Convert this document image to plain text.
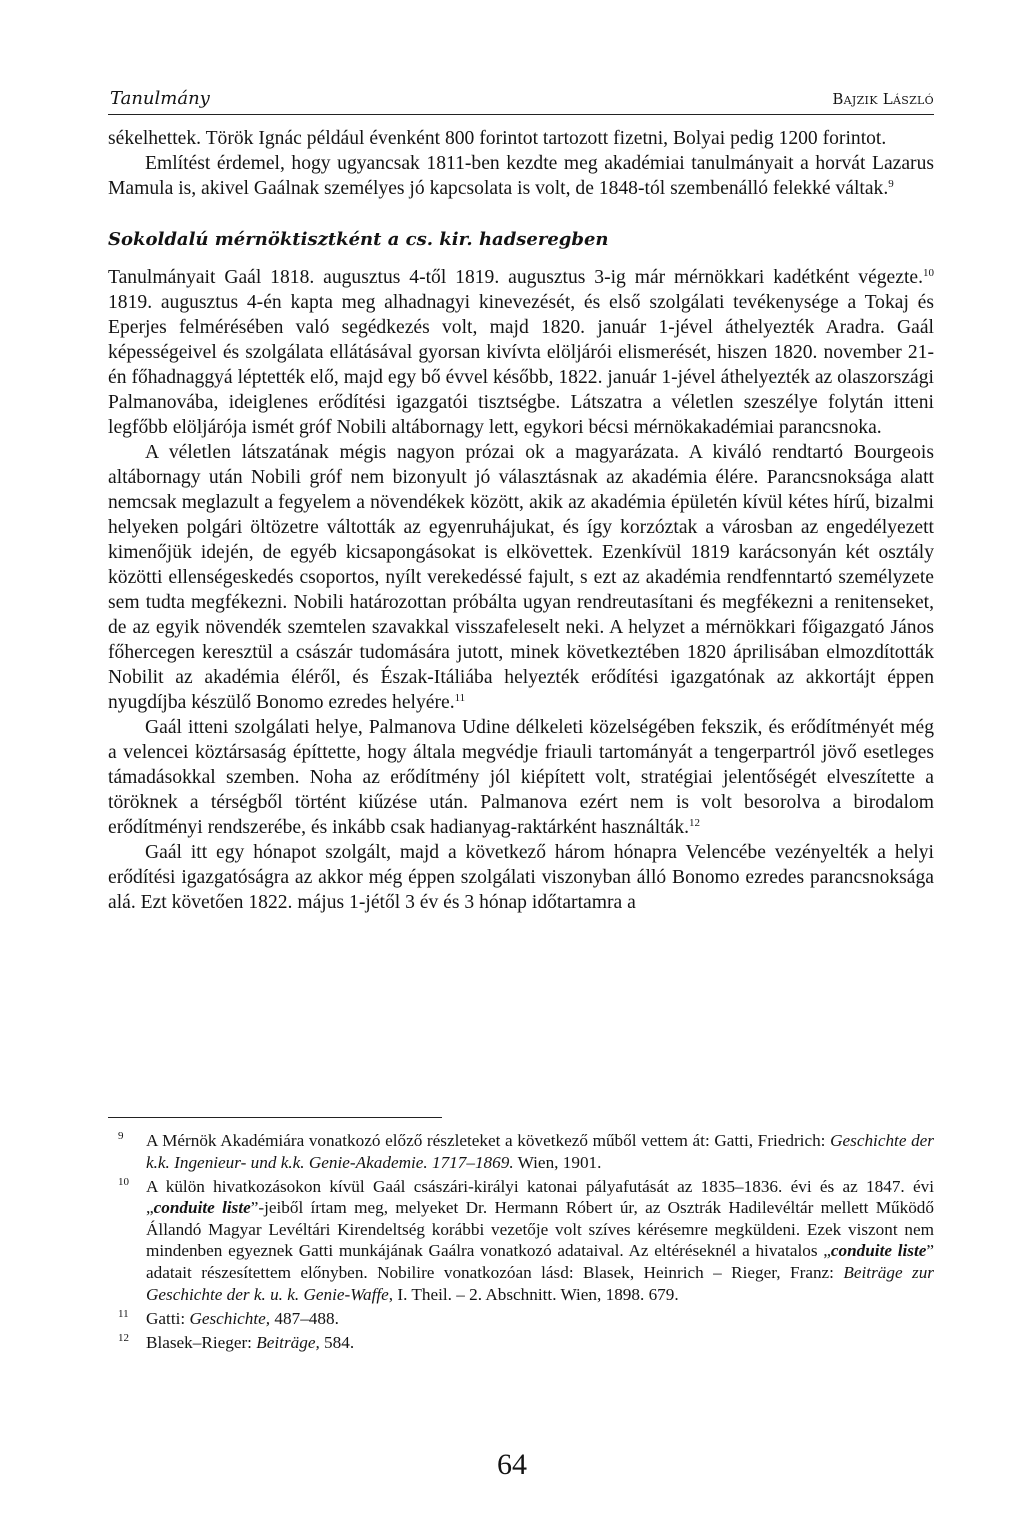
Tanulmány	Bajzik László

sékelhettek. Török Ignác például évenként 800 forintot tartozott fizetni, Bolyai pedig 1200 forintot.

Említést érdemel, hogy ugyancsak 1811-ben kezdte meg akadémiai tanulmányait a horvát Lazarus Mamula is, akivel Gaálnak személyes jó kapcsolata is volt, de 1848-tól szembenálló felekké váltak.$^9$

Sokoldalú mérnöktisztként a cs. kir. hadseregben

Tanulmányait Gaál 1818. augusztus 4-től 1819. augusztus 3-ig már mérnökkari kadétként végezte.$^{10}$ 1819. augusztus 4-én kapta meg alhadnagyi kinevezését, és első szolgálati tevékenysége a Tokaj és Eperjes felmérésében való segédkezés volt, majd 1820. január 1-jével áthelyezték Aradra. Gaál képességeivel és szolgálata ellátásával gyorsan kivívta elöljárói elismerését, hiszen 1820. november 21-én főhadnaggyá léptették elő, majd egy bő évvel később, 1822. január 1-jével áthelyezték az olaszországi Palmanovába, ideiglenes erődítési igazgatói tisztségbe. Látszatra a véletlen szeszélye folytán itteni legfőbb elöljárója ismét gróf Nobili altábornagy lett, egykori bécsi mérnökakadémiai parancsnoka.

A véletlen látszatának mégis nagyon prózai ok a magyarázata. A kiváló rendtartó Bourgeois altábornagy után Nobili gróf nem bizonyult jó választásnak az akadémia élére. Parancsnoksága alatt nemcsak meglazult a fegyelem a növendékek között, akik az akadémia épületén kívül kétes hírű, bizalmi helyeken polgári öltözetre váltották az egyenruhájukat, és így korzóztak a városban az engedélyezett kimenőjük idején, de egyéb kicsapongásokat is elkövettek. Ezenkívül 1819 karácsonyán két osztály közötti ellenségeskedés csoportos, nyílt verekedéssé fajult, s ezt az akadémia rendfenntartó személyzete sem tudta megfékezni. Nobili határozottan próbálta ugyan rendreutasítani és megfékezni a renitenseket, de az egyik növendék szemtelen szavakkal visszafeleselt neki. A helyzet a mérnökkari főigazgató János főhercegen keresztül a császár tudomására jutott, minek következtében 1820 áprilisában elmozdították Nobilit az akadémia éléről, és Észak-Itáliába helyezték erődítési igazgatónak az akkortájt éppen nyugdíjba készülő Bonomo ezredes helyére.$^{11}$

Gaál itteni szolgálati helye, Palmanova Udine délkeleti közelségében fekszik, és erődítményét még a velencei köztársaság építtette, hogy általa megvédje friauli tartományát a tengerpartról jövő esetleges támadásokkal szemben. Noha az erődítmény jól kiépített volt, stratégiai jelentőségét elveszítette a töröknek a térségből történt kiűzése után. Palmanova ezért nem is volt besorolva a birodalom erődítményi rendszerébe, és inkább csak hadianyag-raktárként használták.$^{12}$

Gaál itt egy hónapot szolgált, majd a következő három hónapra Velencébe vezényelték a helyi erődítési igazgatóságra az akkor még éppen szolgálati viszonyban álló Bonomo ezredes parancsnoksága alá. Ezt követően 1822. május 1-jétől 3 év és 3 hónap időtartamra a

9 A Mérnök Akadémiára vonatkozó előző részleteket a következő műből vettem át: Gatti, Friedrich: Geschichte der k.k. Ingenieur- und k.k. Genie-Akademie. 1717–1869. Wien, 1901.
10 A külön hivatkozásokon kívül Gaál császári-királyi katonai pályafutását az 1835–1836. évi és az 1847. évi „conduite liste”-jeiből írtam meg, melyeket Dr. Hermann Róbert úr, az Osztrák Hadilevéltár mellett Működő Állandó Magyar Levéltári Kirendeltség korábbi vezetője volt szíves kérésemre megküldeni. Ezek viszont nem mindenben egyeznek Gatti munkájának Gaálra vonatkozó adataival. Az eltéréseknél a hivatalos „conduite liste” adatait részesítettem előnyben. Nobilire vonatkozóan lásd: Blasek, Heinrich – Rieger, Franz: Beiträge zur Geschichte der k. u. k. Genie-Waffe, I. Theil. – 2. Abschnitt. Wien, 1898. 679.
11 Gatti: Geschichte, 487–488.
12 Blasek–Rieger: Beiträge, 584.
64
